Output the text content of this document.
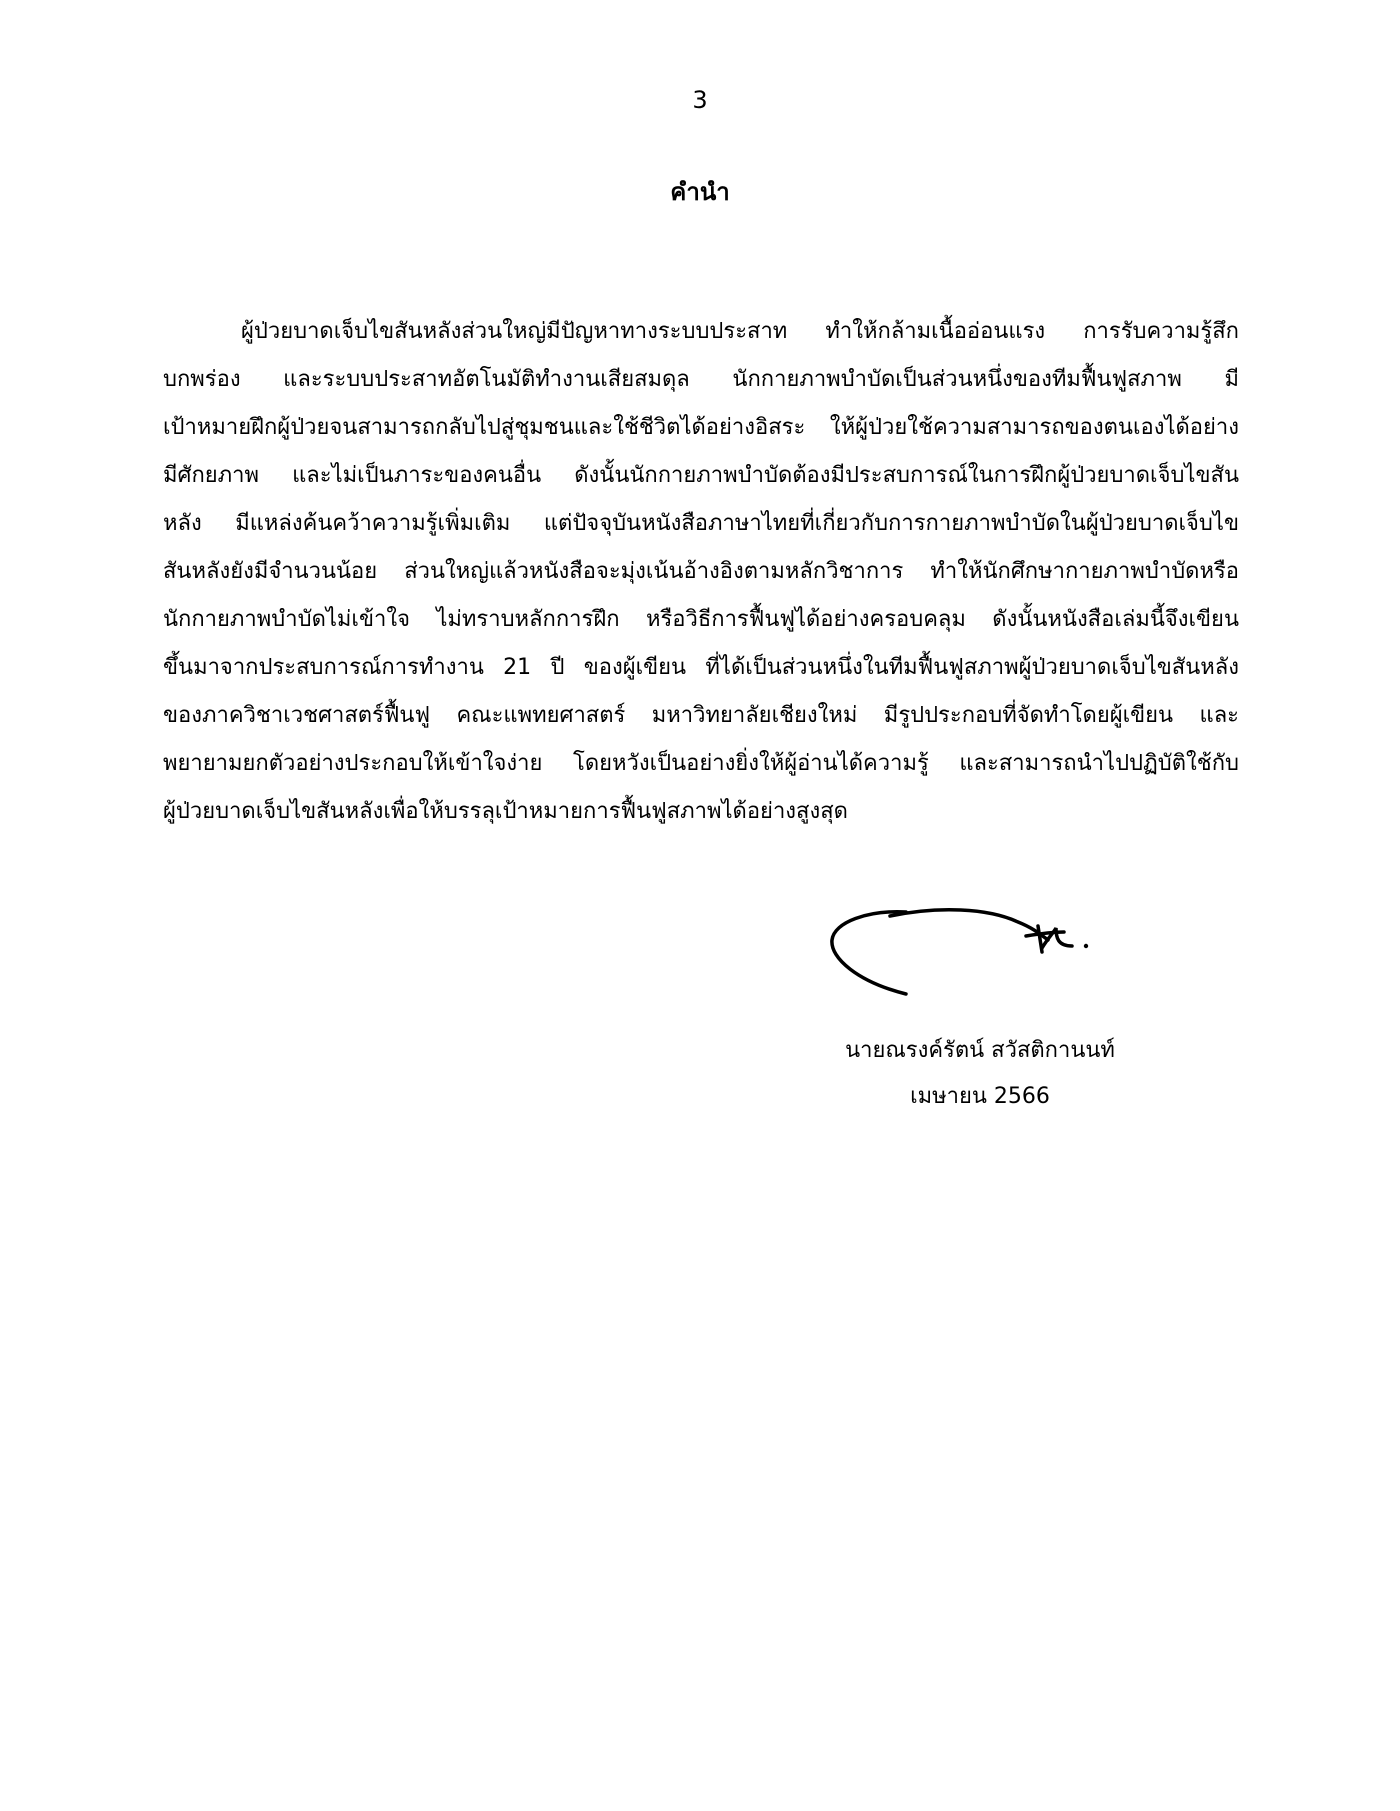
3
คำนำ
ผู้ป่วยบาดเจ็บไขสันหลังส่วนใหญ่มีปัญหาทางระบบประสาท ทำให้กล้ามเนื้ออ่อนแรง การรับความรู้สึก
บกพร่อง และระบบประสาทอัตโนมัติทำงานเสียสมดุล นักกายภาพบำบัดเป็นส่วนหนึ่งของทีมฟื้นฟูสภาพ มี
เป้าหมายฝึกผู้ป่วยจนสามารถกลับไปสู่ชุมชนและใช้ชีวิตได้อย่างอิสระ ให้ผู้ป่วยใช้ความสามารถของตนเองได้อย่าง
มีศักยภาพ และไม่เป็นภาระของคนอื่น ดังนั้นนักกายภาพบำบัดต้องมีประสบการณ์ในการฝึกผู้ป่วยบาดเจ็บไขสัน
หลัง มีแหล่งค้นคว้าความรู้เพิ่มเติม แต่ปัจจุบันหนังสือภาษาไทยที่เกี่ยวกับการกายภาพบำบัดในผู้ป่วยบาดเจ็บไข
สันหลังยังมีจำนวนน้อย ส่วนใหญ่แล้วหนังสือจะมุ่งเน้นอ้างอิงตามหลักวิชาการ ทำให้นักศึกษากายภาพบำบัดหรือ
นักกายภาพบำบัดไม่เข้าใจ ไม่ทราบหลักการฝึก หรือวิธีการฟื้นฟูได้อย่างครอบคลุม ดังนั้นหนังสือเล่มนี้จึงเขียน
ขึ้นมาจากประสบการณ์การทำงาน 21 ปี ของผู้เขียน ที่ได้เป็นส่วนหนึ่งในทีมฟื้นฟูสภาพผู้ป่วยบาดเจ็บไขสันหลัง
ของภาควิชาเวชศาสตร์ฟื้นฟู คณะแพทยศาสตร์ มหาวิทยาลัยเชียงใหม่ มีรูปประกอบที่จัดทำโดยผู้เขียน และ
พยายามยกตัวอย่างประกอบให้เข้าใจง่าย โดยหวังเป็นอย่างยิ่งให้ผู้อ่านได้ความรู้ และสามารถนำไปปฏิบัติใช้กับ
ผู้ป่วยบาดเจ็บไขสันหลังเพื่อให้บรรลุเป้าหมายการฟื้นฟูสภาพได้อย่างสูงสุด
นายณรงค์รัตน์ สวัสติกานนท์
เมษายน 2566
